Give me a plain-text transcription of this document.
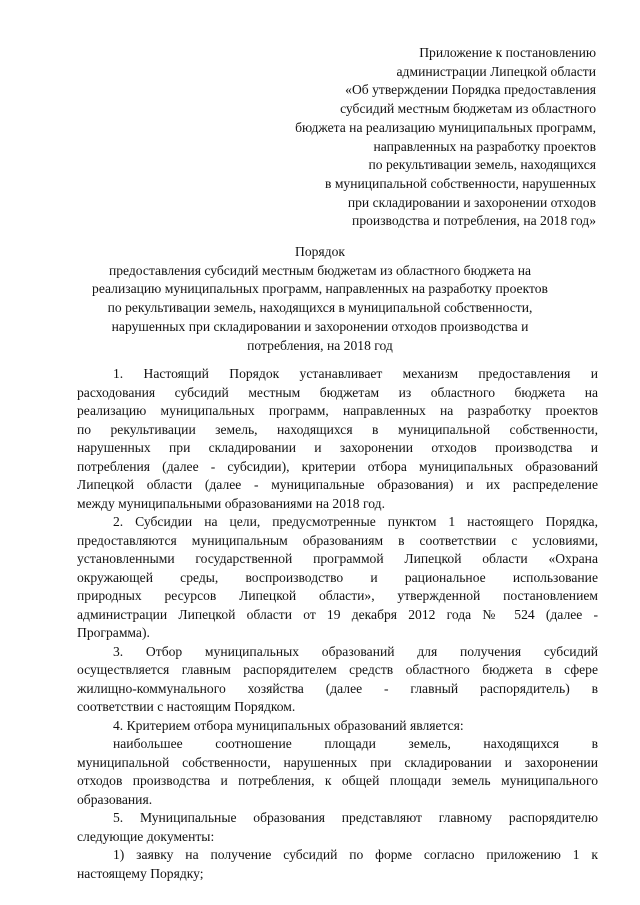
Приложение к постановлению
администрации Липецкой области
«Об утверждении Порядка предоставления
субсидий местным бюджетам из областного
бюджета на реализацию муниципальных программ,
направленных на разработку проектов
по рекультивации земель, находящихся
в муниципальной собственности, нарушенных
при складировании и захоронении отходов
производства и потребления, на 2018 год»
Порядок
предоставления субсидий местным бюджетам из областного бюджета на
реализацию муниципальных программ, направленных на разработку проектов
по рекультивации земель, находящихся в муниципальной собственности,
нарушенных при складировании и захоронении отходов производства и
потребления, на 2018 год
1. Настоящий Порядок устанавливает механизм предоставления и
расходования субсидий местным бюджетам из областного бюджета на
реализацию муниципальных программ, направленных на разработку проектов
по рекультивации земель, находящихся в муниципальной собственности,
нарушенных при складировании и захоронении отходов производства и
потребления (далее - субсидии), критерии отбора муниципальных образований
Липецкой области (далее - муниципальные образования) и их распределение
между муниципальными образованиями на 2018 год.
2. Субсидии на цели, предусмотренные пунктом 1 настоящего Порядка,
предоставляются муниципальным образованиям в соответствии с условиями,
установленными государственной программой Липецкой области «Охрана
окружающей среды, воспроизводство и рациональное использование
природных ресурсов Липецкой области», утвержденной постановлением
администрации Липецкой области от 19 декабря 2012 года № 524 (далее -
Программа).
3. Отбор муниципальных образований для получения субсидий
осуществляется главным распорядителем средств областного бюджета в сфере
жилищно-коммунального хозяйства (далее - главный распорядитель) в
соответствии с настоящим Порядком.
4. Критерием отбора муниципальных образований является:
наибольшее соотношение площади земель, находящихся в
муниципальной собственности, нарушенных при складировании и захоронении
отходов производства и потребления, к общей площади земель муниципального
образования.
5. Муниципальные образования представляют главному распорядителю
следующие документы:
1) заявку на получение субсидий по форме согласно приложению 1 к
настоящему Порядку;
